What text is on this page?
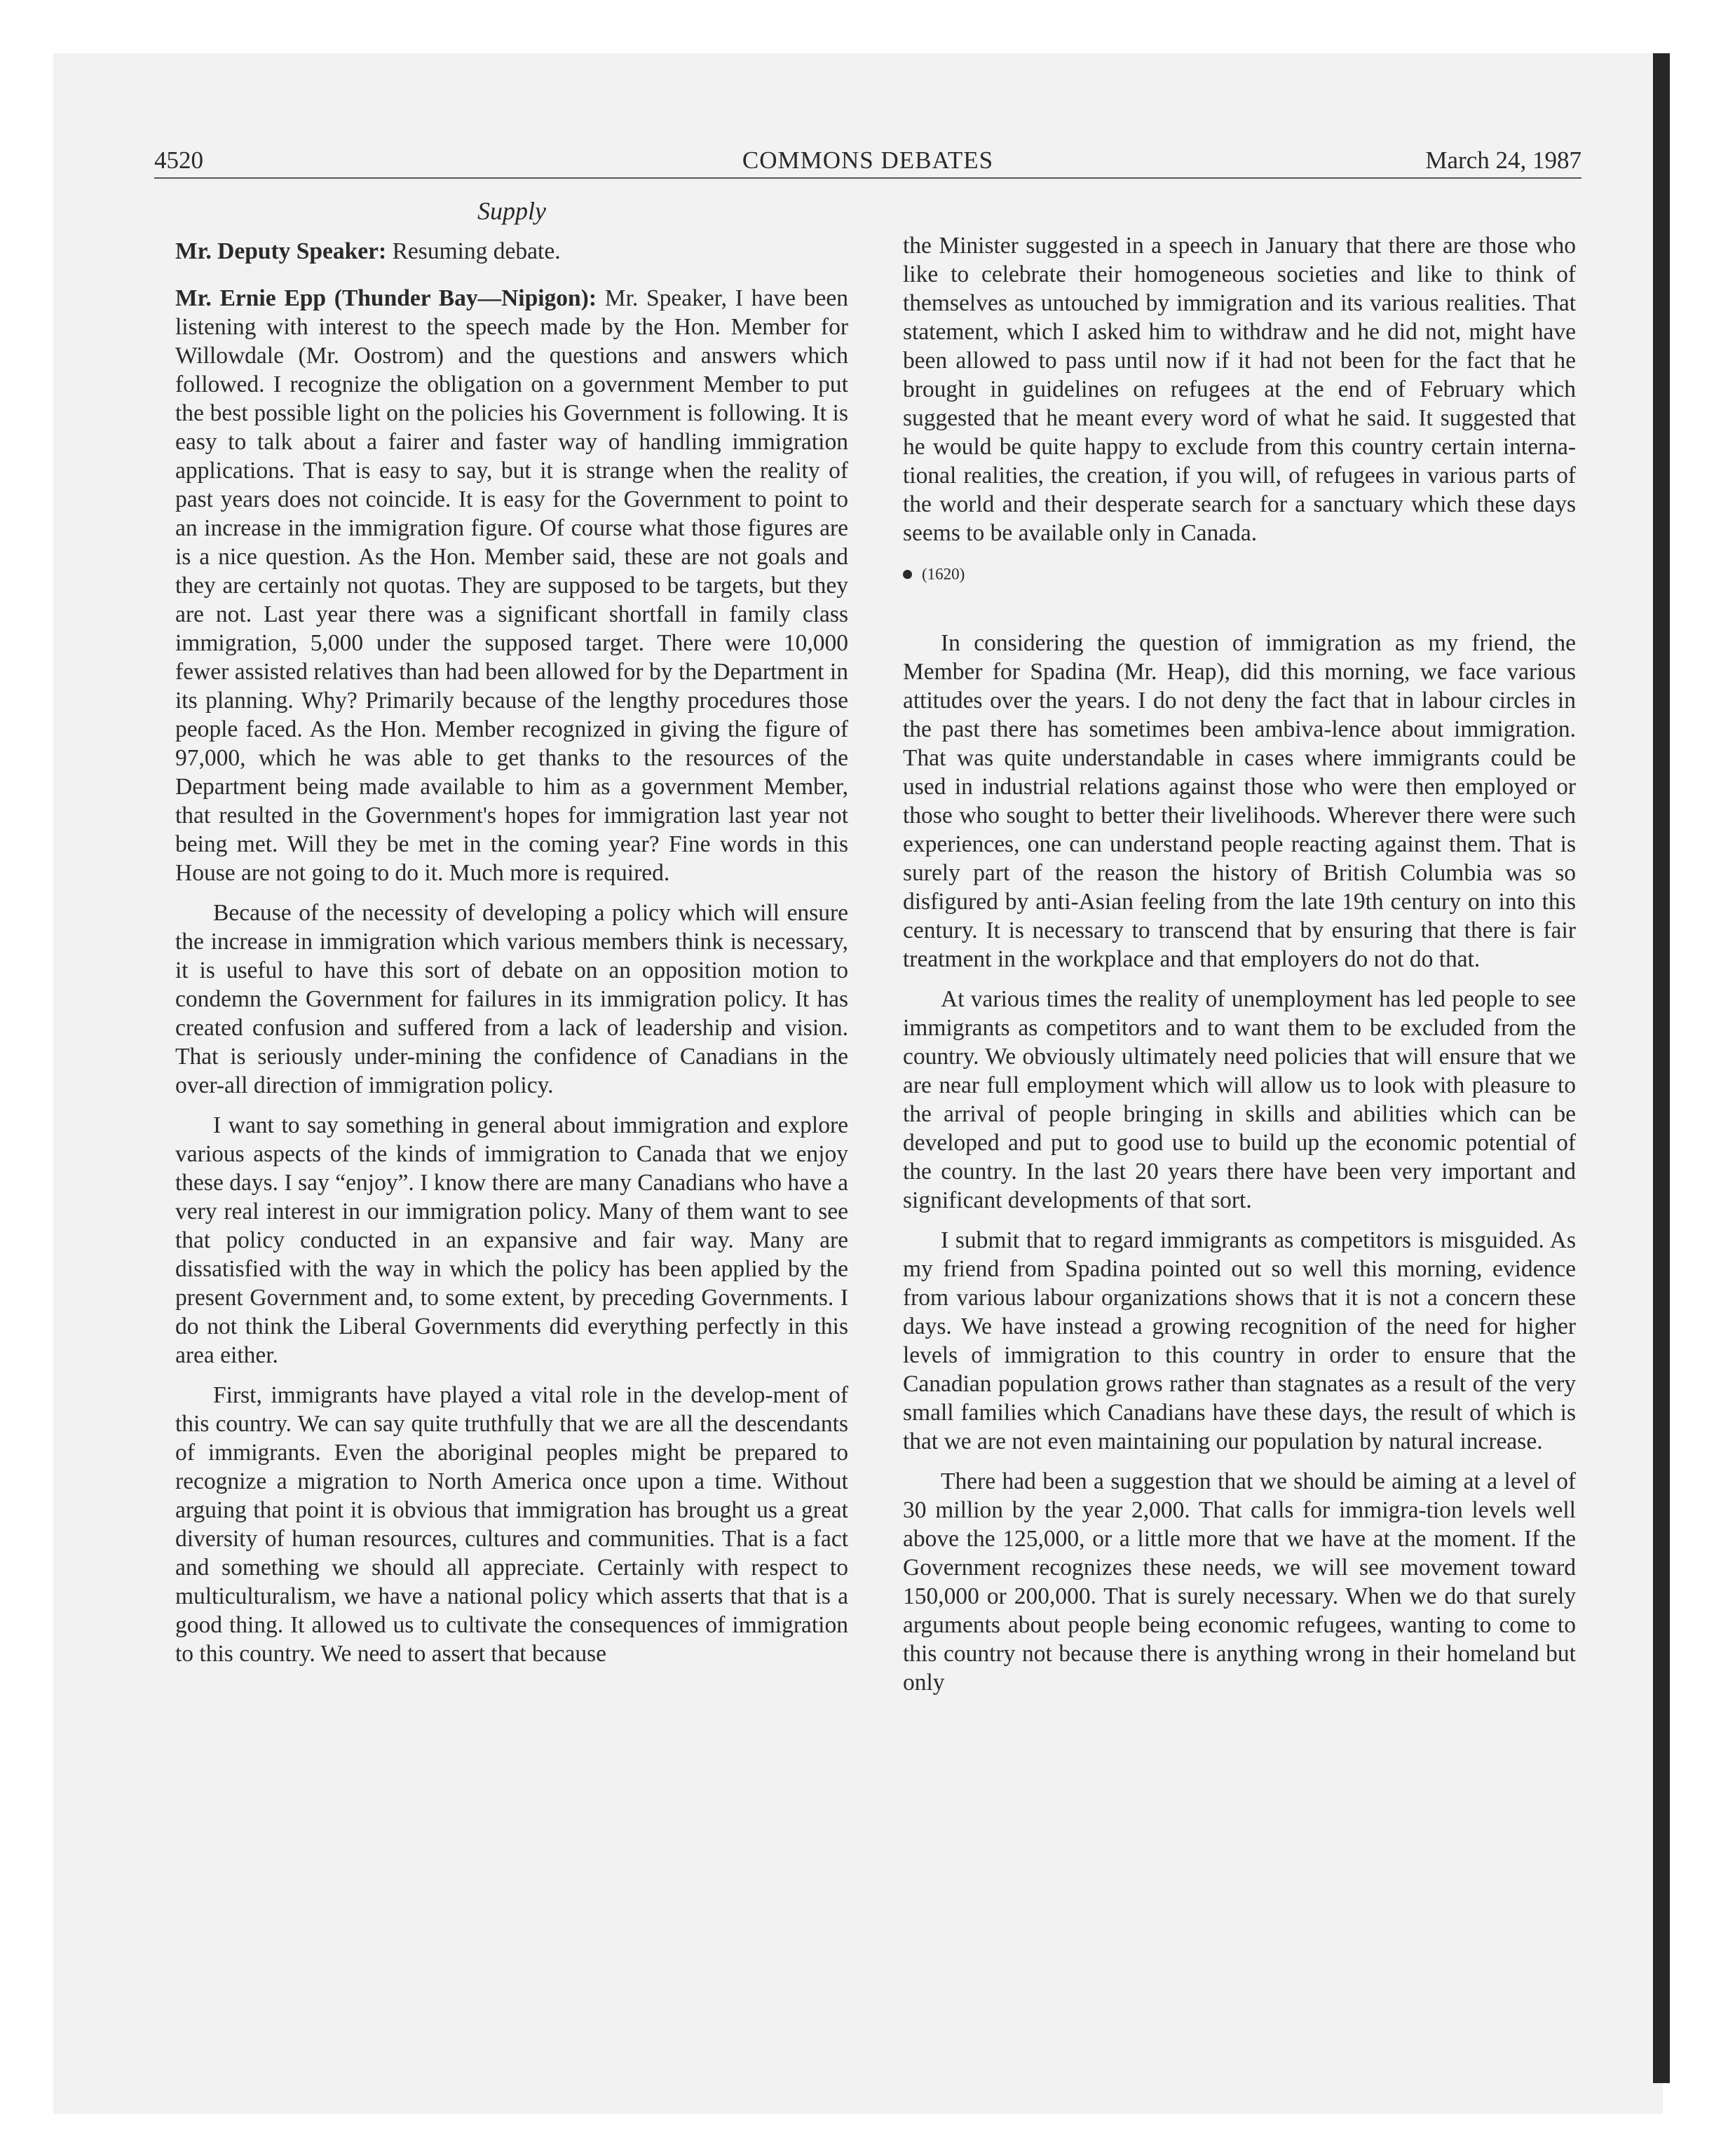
4520	COMMONS DEBATES	March 24, 1987
Supply

Mr. Deputy Speaker: Resuming debate.

Mr. Ernie Epp (Thunder Bay—Nipigon): Mr. Speaker, I have been listening with interest to the speech made by the Hon. Member for Willowdale (Mr. Oostrom) and the questions and answers which followed. I recognize the obligation on a government Member to put the best possible light on the policies his Government is following. It is easy to talk about a fairer and faster way of handling immigration applications. That is easy to say, but it is strange when the reality of past years does not coincide. It is easy for the Government to point to an increase in the immigration figure. Of course what those figures are is a nice question. As the Hon. Member said, these are not goals and they are certainly not quotas. They are supposed to be targets, but they are not. Last year there was a significant shortfall in family class immigration, 5,000 under the supposed target. There were 10,000 fewer assisted relatives than had been allowed for by the Department in its planning. Why? Primarily because of the lengthy procedures those people faced. As the Hon. Member recognized in giving the figure of 97,000, which he was able to get thanks to the resources of the Department being made available to him as a government Member, that resulted in the Government's hopes for immigration last year not being met. Will they be met in the coming year? Fine words in this House are not going to do it. Much more is required.

Because of the necessity of developing a policy which will ensure the increase in immigration which various members think is necessary, it is useful to have this sort of debate on an opposition motion to condemn the Government for failures in its immigration policy. It has created confusion and suffered from a lack of leadership and vision. That is seriously under-mining the confidence of Canadians in the over-all direction of immigration policy.

I want to say something in general about immigration and explore various aspects of the kinds of immigration to Canada that we enjoy these days. I say “enjoy”. I know there are many Canadians who have a very real interest in our immigration policy. Many of them want to see that policy conducted in an expansive and fair way. Many are dissatisfied with the way in which the policy has been applied by the present Government and, to some extent, by preceding Governments. I do not think the Liberal Governments did everything perfectly in this area either.

First, immigrants have played a vital role in the develop-ment of this country. We can say quite truthfully that we are all the descendants of immigrants. Even the aboriginal peoples might be prepared to recognize a migration to North America once upon a time. Without arguing that point it is obvious that immigration has brought us a great diversity of human resources, cultures and communities. That is a fact and something we should all appreciate. Certainly with respect to multiculturalism, we have a national policy which asserts that that is a good thing. It allowed us to cultivate the consequences of immigration to this country. We need to assert that because

the Minister suggested in a speech in January that there are those who like to celebrate their homogeneous societies and like to think of themselves as untouched by immigration and its various realities. That statement, which I asked him to withdraw and he did not, might have been allowed to pass until now if it had not been for the fact that he brought in guidelines on refugees at the end of February which suggested that he meant every word of what he said. It suggested that he would be quite happy to exclude from this country certain interna-tional realities, the creation, if you will, of refugees in various parts of the world and their desperate search for a sanctuary which these days seems to be available only in Canada.

(1620)

In considering the question of immigration as my friend, the Member for Spadina (Mr. Heap), did this morning, we face various attitudes over the years. I do not deny the fact that in labour circles in the past there has sometimes been ambiva-lence about immigration. That was quite understandable in cases where immigrants could be used in industrial relations against those who were then employed or those who sought to better their livelihoods. Wherever there were such experiences, one can understand people reacting against them. That is surely part of the reason the history of British Columbia was so disfigured by anti-Asian feeling from the late 19th century on into this century. It is necessary to transcend that by ensuring that there is fair treatment in the workplace and that employers do not do that.

At various times the reality of unemployment has led people to see immigrants as competitors and to want them to be excluded from the country. We obviously ultimately need policies that will ensure that we are near full employment which will allow us to look with pleasure to the arrival of people bringing in skills and abilities which can be developed and put to good use to build up the economic potential of the country. In the last 20 years there have been very important and significant developments of that sort.

I submit that to regard immigrants as competitors is misguided. As my friend from Spadina pointed out so well this morning, evidence from various labour organizations shows that it is not a concern these days. We have instead a growing recognition of the need for higher levels of immigration to this country in order to ensure that the Canadian population grows rather than stagnates as a result of the very small families which Canadians have these days, the result of which is that we are not even maintaining our population by natural increase.

There had been a suggestion that we should be aiming at a level of 30 million by the year 2,000. That calls for immigra-tion levels well above the 125,000, or a little more that we have at the moment. If the Government recognizes these needs, we will see movement toward 150,000 or 200,000. That is surely necessary. When we do that surely arguments about people being economic refugees, wanting to come to this country not because there is anything wrong in their homeland but only
